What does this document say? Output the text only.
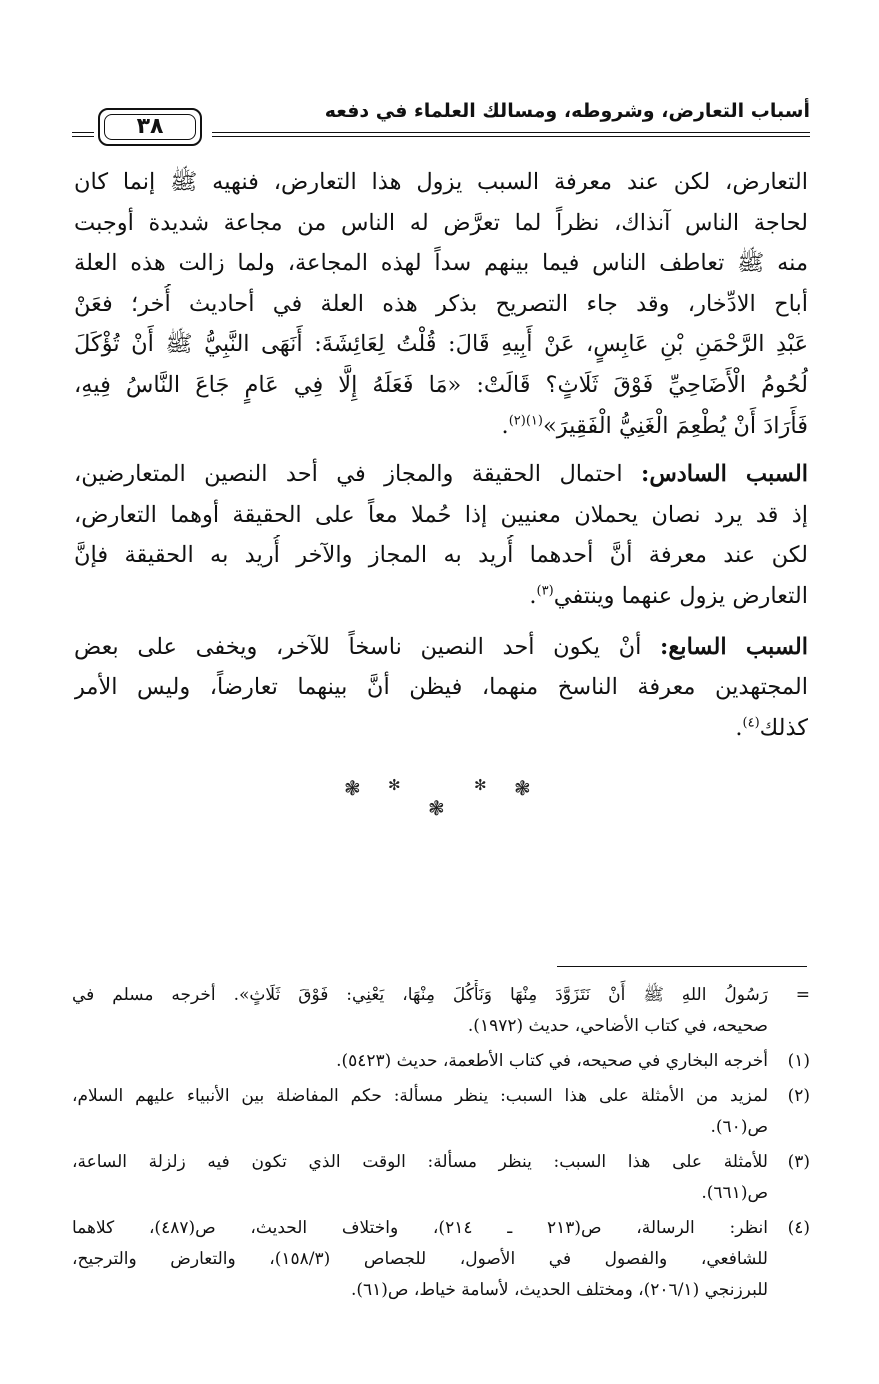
أسباب التعارض، وشروطه، ومسالك العلماء في دفعه
٣٨

التعارض، لكن عند معرفة السبب يزول هذا التعارض، فنهيه ﷺ إنما كان
لحاجة الناس آنذاك، نظراً لما تعرَّض له الناس من مجاعة شديدة أوجبت
منه ﷺ تعاطف الناس فيما بينهم سداً لهذه المجاعة، ولما زالت هذه العلة
أباح الادِّخار، وقد جاء التصريح بذكر هذه العلة في أحاديث أُخر؛ فعَنْ
عَبْدِ الرَّحْمَنِ بْنِ عَابِسٍ، عَنْ أَبِيهِ قَالَ: قُلْتُ لِعَائِشَةَ: أَنَهَى النَّبِيُّ ﷺ أَنْ تُؤْكَلَ
لُحُومُ الْأَضَاحِيِّ فَوْقَ ثَلَاثٍ؟ قَالَتْ: «مَا فَعَلَهُ إِلَّا فِي عَامٍ جَاعَ النَّاسُ فِيهِ،
فَأَرَادَ أَنْ يُطْعِمَ الْغَنِيُّ الْفَقِيرَ»$^{(١)(٢)}$.

السبب السادس: احتمال الحقيقة والمجاز في أحد النصين المتعارضين،
إذ قد يرد نصان يحملان معنيين إذا حُملا معاً على الحقيقة أوهما التعارض،
لكن عند معرفة أنَّ أحدهما أُريد به المجاز والآخر أُريد به الحقيقة فإنَّ
التعارض يزول عنهما وينتفي$^{(٣)}$.

السبب السابع: أنْ يكون أحد النصين ناسخاً للآخر، ويخفى على بعض
المجتهدين معرفة الناسخ منهما، فيظن أنَّ بينهما تعارضاً، وليس الأمر
كذلك$^{(٤)}$.

❃ ✻
❃
✻ ❃
=
رَسُولُ اللهِ ﷺ أَنْ نَتَزَوَّدَ مِنْهَا وَنَأْكُلَ مِنْهَا، يَعْنِي: فَوْقَ ثَلَاثٍ». أخرجه مسلم في
صحيحه، في كتاب الأضاحي، حديث (١٩٧٢).
(١)
أخرجه البخاري في صحيحه، في كتاب الأطعمة، حديث (٥٤٢٣).
(٢)
لمزيد من الأمثلة على هذا السبب: ينظر مسألة: حكم المفاضلة بين الأنبياء عليهم السلام،
ص(٦٠).
(٣)
للأمثلة على هذا السبب: ينظر مسألة: الوقت الذي تكون فيه زلزلة الساعة،
ص(٦٦١).
(٤)
انظر: الرسالة، ص(٢١٣ ـ ٢١٤)، واختلاف الحديث، ص(٤٨٧)، كلاهما
للشافعي، والفصول في الأصول، للجصاص (١٥٨/٣)، والتعارض والترجيح،
للبرزنجي (٢٠٦/١)، ومختلف الحديث، لأسامة خياط، ص(٦١).
